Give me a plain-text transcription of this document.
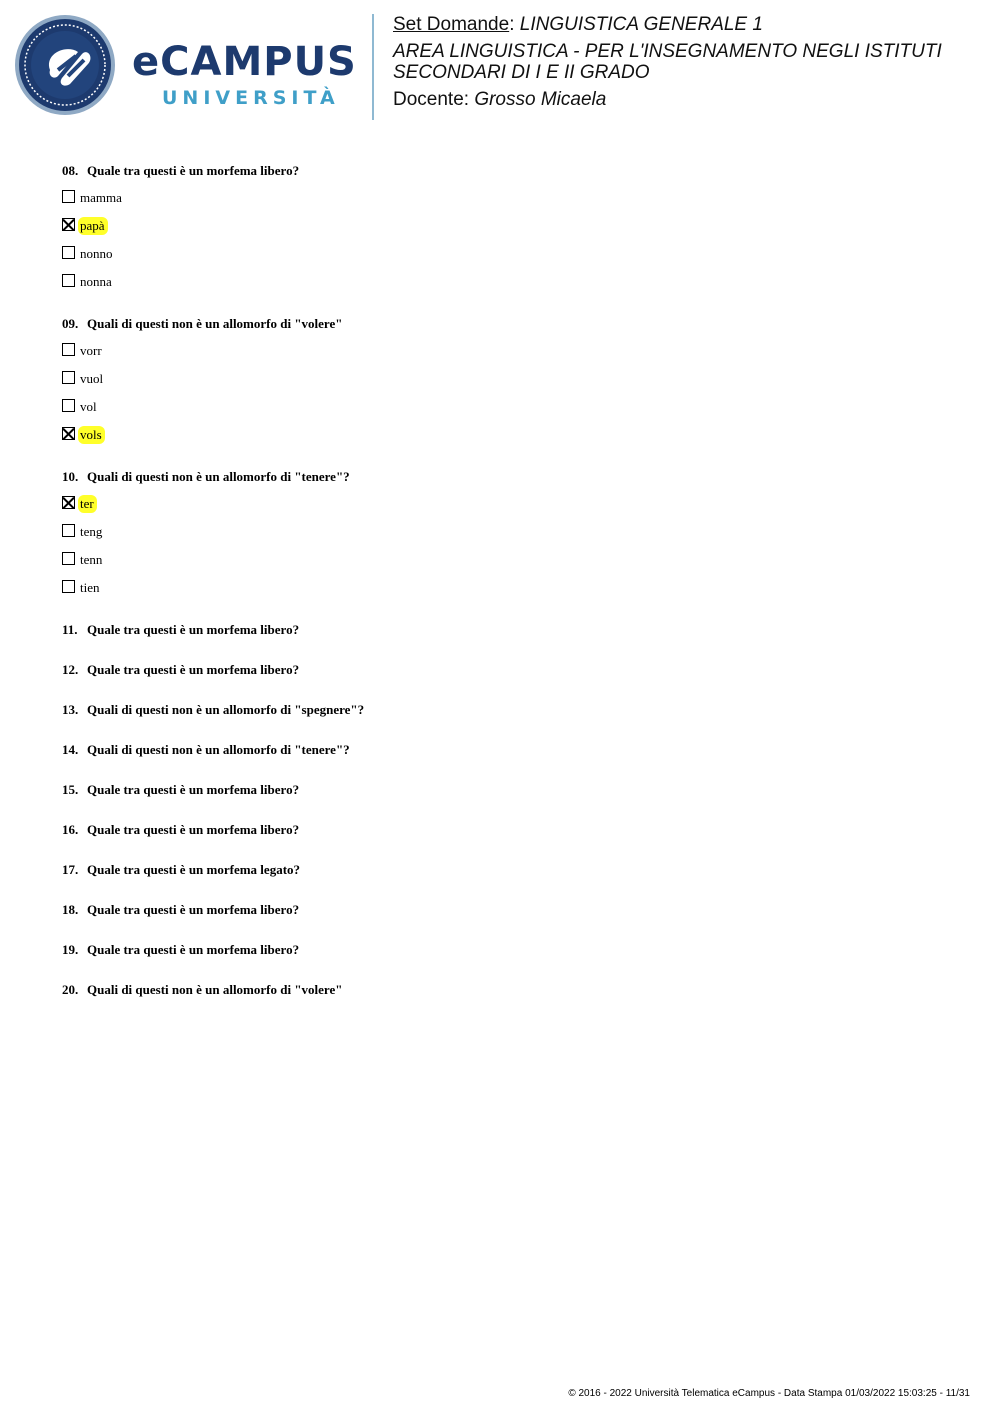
eCAMPUS
UNIVERSITÀ
Set Domande: LINGUISTICA GENERALE 1
AREA LINGUISTICA - PER L'INSEGNAMENTO NEGLI ISTITUTI SECONDARI DI I E II GRADO
Docente: Grosso Micaela
08. Quale tra questi è un morfema libero?
mamma
papà
nonno
nonna
09. Quali di questi non è un allomorfo di "volere"
vorr
vuol
vol
vols
10. Quali di questi non è un allomorfo di "tenere"?
ter
teng
tenn
tien
11. Quale tra questi è un morfema libero?
12. Quale tra questi è un morfema libero?
13. Quali di questi non è un allomorfo di "spegnere"?
14. Quali di questi non è un allomorfo di "tenere"?
15. Quale tra questi è un morfema libero?
16. Quale tra questi è un morfema libero?
17. Quale tra questi è un morfema legato?
18. Quale tra questi è un morfema libero?
19. Quale tra questi è un morfema libero?
20. Quali di questi non è un allomorfo di "volere"
© 2016 - 2022 Università Telematica eCampus - Data Stampa 01/03/2022 15:03:25 - 11/31
